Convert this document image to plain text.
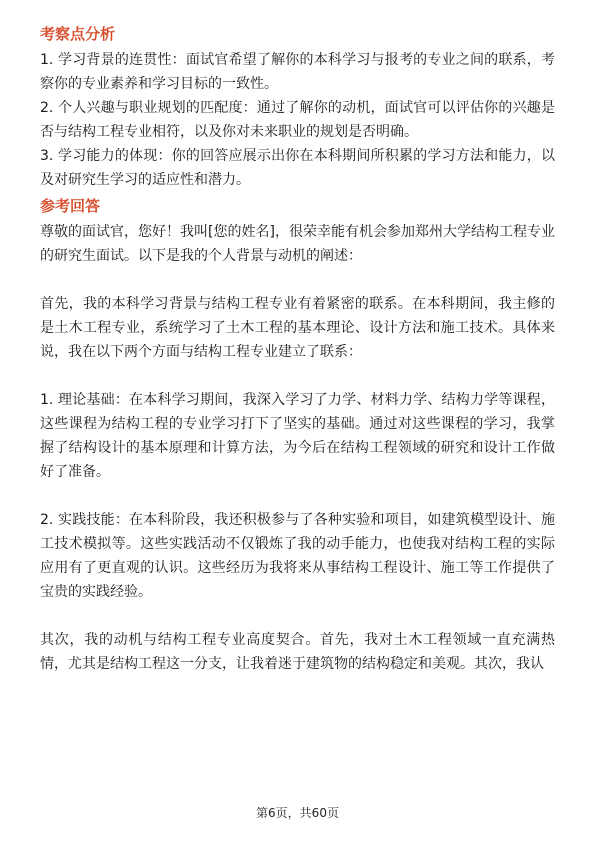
考察点分析

1. 学习背景的连贯性：面试官希望了解你的本科学习与报考的专业之间的联系，考察你的专业素养和学习目标的一致性。

2. 个人兴趣与职业规划的匹配度：通过了解你的动机，面试官可以评估你的兴趣是否与结构工程专业相符，以及你对未来职业的规划是否明确。

3. 学习能力的体现：你的回答应展示出你在本科期间所积累的学习方法和能力，以及对研究生学习的适应性和潜力。

参考回答

尊敬的面试官，您好！我叫[您的姓名]，很荣幸能有机会参加郑州大学结构工程专业的研究生面试。以下是我的个人背景与动机的阐述：

首先，我的本科学习背景与结构工程专业有着紧密的联系。在本科期间，我主修的是土木工程专业，系统学习了土木工程的基本理论、设计方法和施工技术。具体来说，我在以下两个方面与结构工程专业建立了联系：

1. 理论基础：在本科学习期间，我深入学习了力学、材料力学、结构力学等课程，这些课程为结构工程的专业学习打下了坚实的基础。通过对这些课程的学习，我掌握了结构设计的基本原理和计算方法，为今后在结构工程领域的研究和设计工作做好了准备。

2. 实践技能：在本科阶段，我还积极参与了各种实验和项目，如建筑模型设计、施工技术模拟等。这些实践活动不仅锻炼了我的动手能力，也使我对结构工程的实际应用有了更直观的认识。这些经历为我将来从事结构工程设计、施工等工作提供了宝贵的实践经验。

其次，我的动机与结构工程专业高度契合。首先，我对土木工程领域一直充满热情，尤其是结构工程这一分支，让我着迷于建筑物的结构稳定和美观。其次，我认

第6页，共60页
